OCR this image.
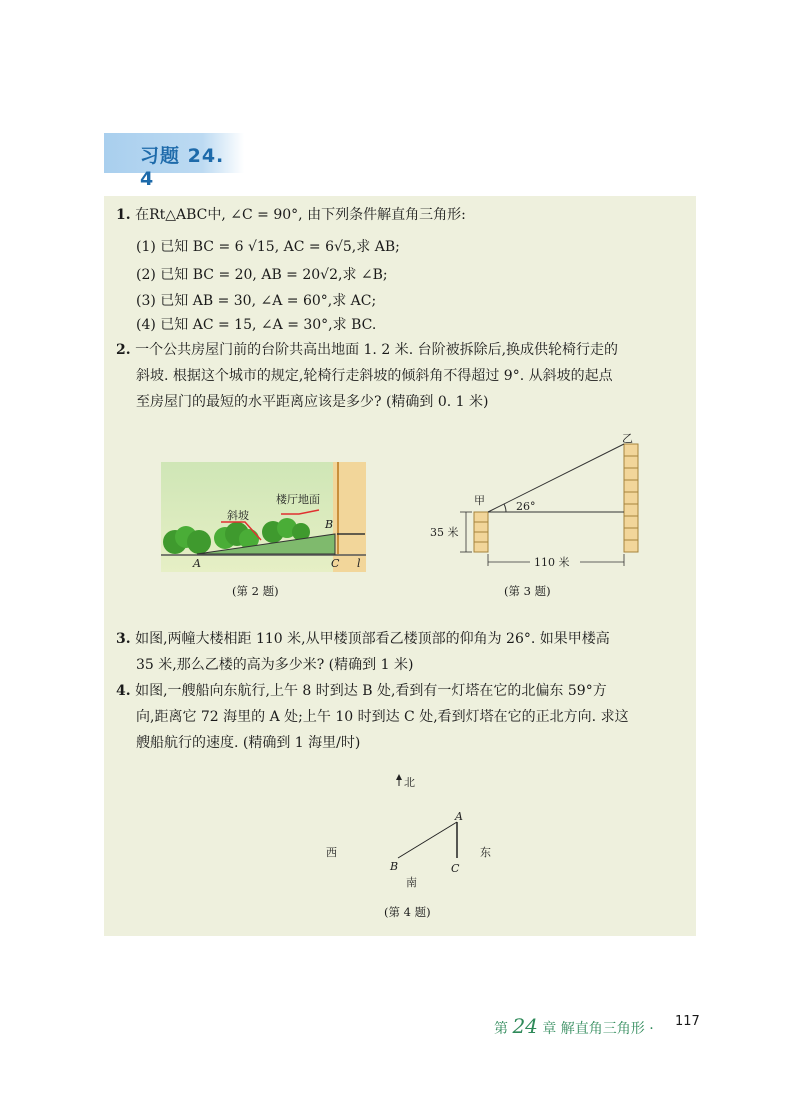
习题 24. 4
1. 在Rt△ABC中, ∠C = 90°, 由下列条件解直角三角形:
(1) 已知 BC = 6 √15, AC = 6√5,求 AB;
(2) 已知 BC = 20, AB = 20√2,求 ∠B;
(3) 已知 AB = 30, ∠A = 60°,求 AC;
(4) 已知 AC = 15, ∠A = 30°,求 BC.
2. 一个公共房屋门前的台阶共高出地面 1. 2 米. 台阶被拆除后,换成供轮椅行走的
斜坡. 根据这个城市的规定,轮椅行走斜坡的倾斜角不得超过 9°. 从斜坡的起点
至房屋门的最短的水平距离应该是多少? (精确到 0. 1 米)
楼厅地面
斜坡
A
B
C l
(第 2 题)
甲
乙
26°
35 米
110 米
(第 3 题)
3. 如图,两幢大楼相距 110 米,从甲楼顶部看乙楼顶部的仰角为 26°. 如果甲楼高
35 米,那么乙楼的高为多少米? (精确到 1 米)
4. 如图,一艘船向东航行,上午 8 时到达 B 处,看到有一灯塔在它的北偏东 59°方
向,距离它 72 海里的 A 处;上午 10 时到达 C 处,看到灯塔在它的正北方向. 求这
艘船航行的速度. (精确到 1 海里/时)
北
西	东
南
A
B	C
(第 4 题)
第 24 章 解直角三角形 · 117
